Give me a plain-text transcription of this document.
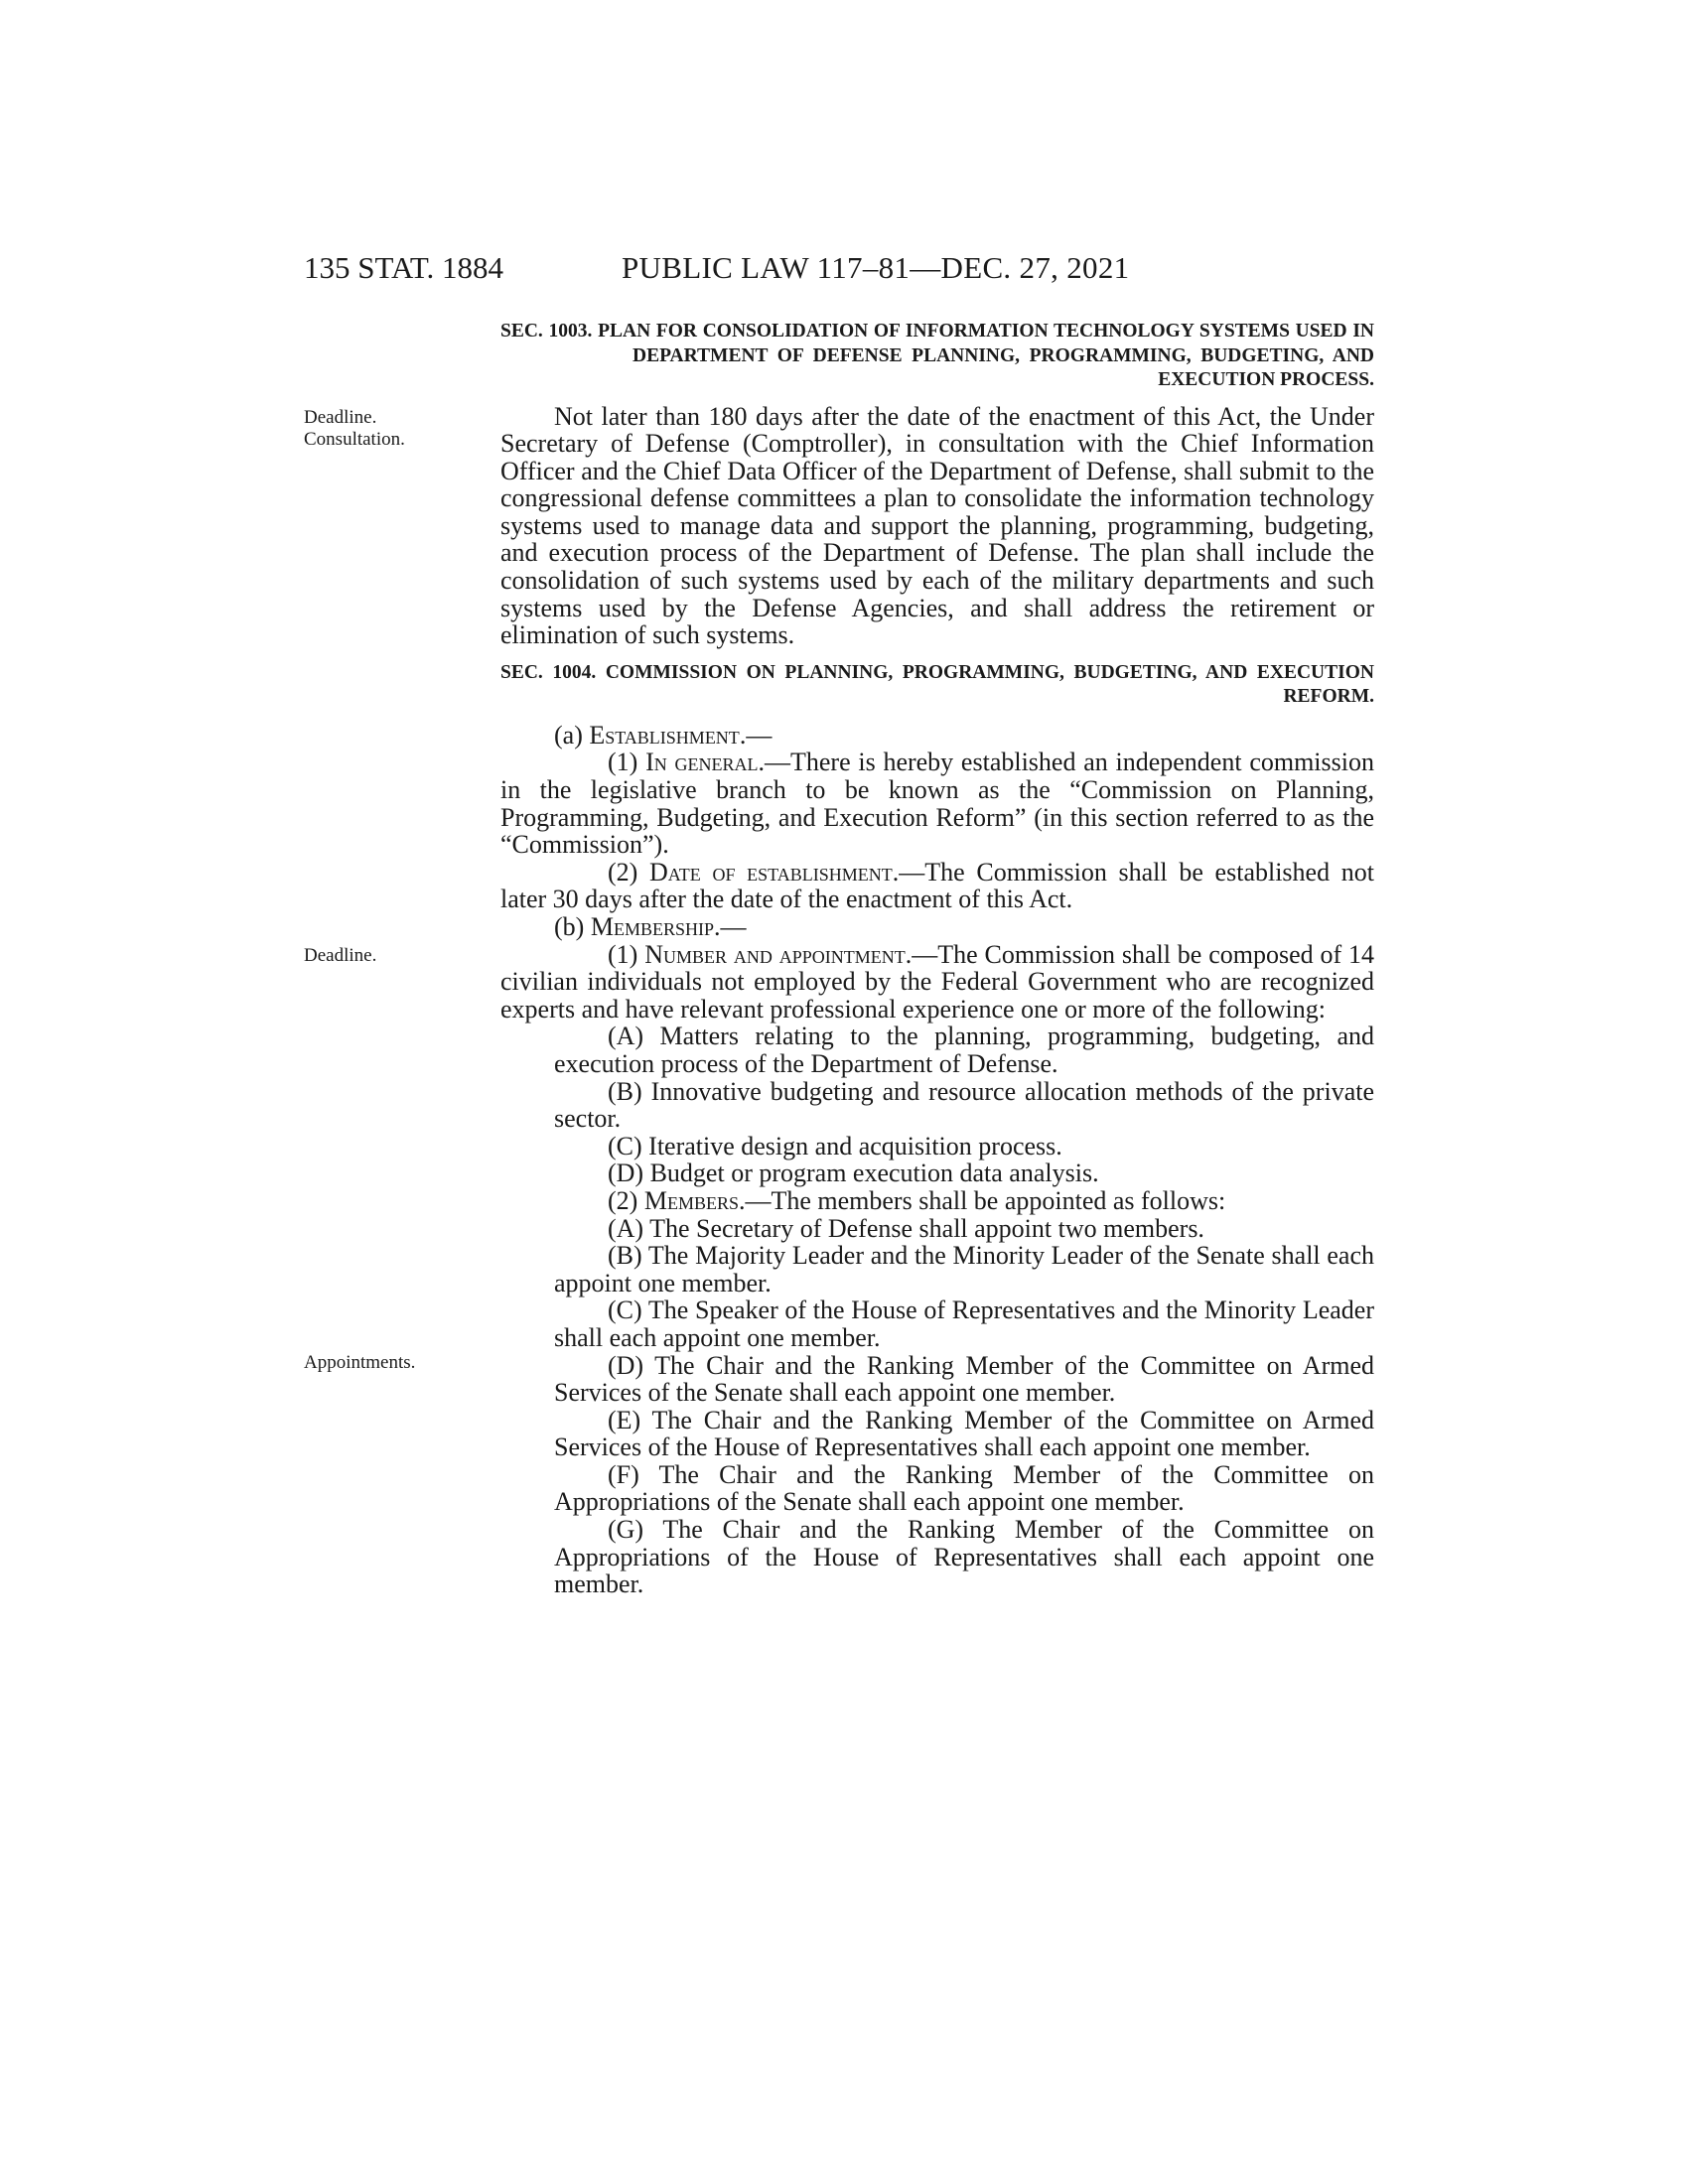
135 STAT. 1884	PUBLIC LAW 117–81—DEC. 27, 2021
Deadline.
Consultation.
Deadline.
Appointments.

SEC. 1003. PLAN FOR CONSOLIDATION OF INFORMATION TECHNOLOGY SYSTEMS USED IN DEPARTMENT OF DEFENSE PLANNING, PROGRAMMING, BUDGETING, AND EXECUTION PROCESS.

Not later than 180 days after the date of the enactment of this Act, the Under Secretary of Defense (Comptroller), in consultation with the Chief Information Officer and the Chief Data Officer of the Department of Defense, shall submit to the congressional defense committees a plan to consolidate the information technology systems used to manage data and support the planning, programming, budgeting, and execution process of the Department of Defense. The plan shall include the consolidation of such systems used by each of the military departments and such systems used by the Defense Agencies, and shall address the retirement or elimination of such systems.

SEC. 1004. COMMISSION ON PLANNING, PROGRAMMING, BUDGETING, AND EXECUTION REFORM.

(a) Establishment.—

(1) In general.—There is hereby established an independent commission in the legislative branch to be known as the “Commission on Planning, Programming, Budgeting, and Execution Reform” (in this section referred to as the “Commission”).

(2) Date of establishment.—The Commission shall be established not later 30 days after the date of the enactment of this Act.

(b) Membership.—

(1) Number and appointment.—The Commission shall be composed of 14 civilian individuals not employed by the Federal Government who are recognized experts and have relevant professional experience one or more of the following:

(A) Matters relating to the planning, programming, budgeting, and execution process of the Department of Defense.

(B) Innovative budgeting and resource allocation methods of the private sector.

(C) Iterative design and acquisition process.

(D) Budget or program execution data analysis.

(2) Members.—The members shall be appointed as follows:

(A) The Secretary of Defense shall appoint two members.

(B) The Majority Leader and the Minority Leader of the Senate shall each appoint one member.

(C) The Speaker of the House of Representatives and the Minority Leader shall each appoint one member.

(D) The Chair and the Ranking Member of the Committee on Armed Services of the Senate shall each appoint one member.

(E) The Chair and the Ranking Member of the Committee on Armed Services of the House of Representatives shall each appoint one member.

(F) The Chair and the Ranking Member of the Committee on Appropriations of the Senate shall each appoint one member.

(G) The Chair and the Ranking Member of the Committee on Appropriations of the House of Representatives shall each appoint one member.
